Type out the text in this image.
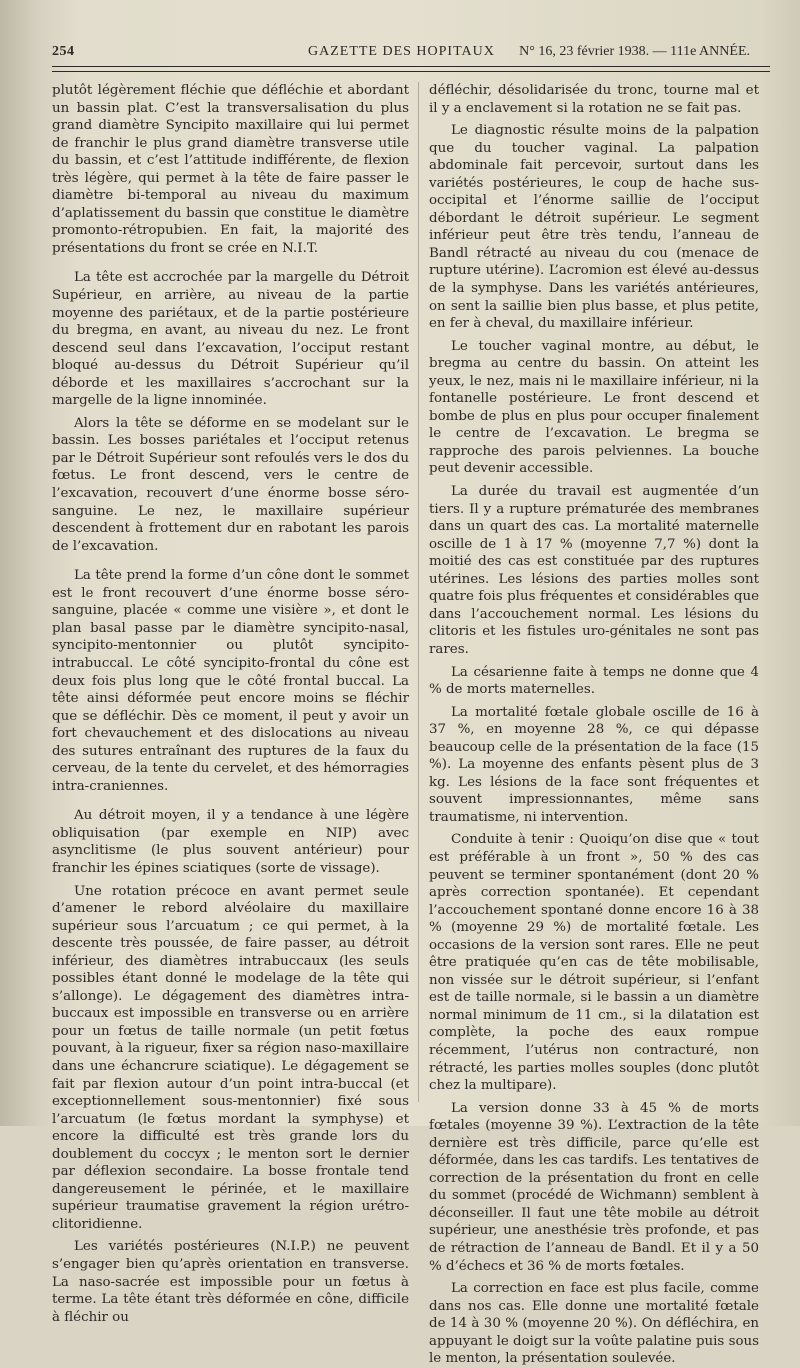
254	GAZETTE DES HOPITAUX N° 16, 23 février 1938. — 111e ANNÉE.

plutôt légèrement fléchie que défléchie et abordant un bassin plat. C’est la transversalisation du plus grand diamètre Syncipito maxillaire qui lui permet de franchir le plus grand diamètre transverse utile du bassin, et c’est l’attitude indifférente, de flexion très légère, qui permet à la tête de faire passer le diamètre bi-temporal au niveau du maximum d’aplatissement du bassin que constitue le diamètre promonto-rétropubien. En fait, la majorité des présentations du front se crée en N.I.T.

La tête est accrochée par la margelle du Détroit Supérieur, en arrière, au niveau de la partie moyenne des pariétaux, et de la partie postérieure du bregma, en avant, au niveau du nez. Le front descend seul dans l’excavation, l’occiput restant bloqué au-dessus du Détroit Supérieur qu’il déborde et les maxillaires s’accrochant sur la margelle de la ligne innominée.

Alors la tête se déforme en se modelant sur le bassin. Les bosses pariétales et l’occiput retenus par le Détroit Supérieur sont refoulés vers le dos du fœtus. Le front descend, vers le centre de l’excavation, recouvert d’une énorme bosse séro-sanguine. Le nez, le maxillaire supérieur descendent à frottement dur en rabotant les parois de l’excavation.

La tête prend la forme d’un cône dont le sommet est le front recouvert d’une énorme bosse séro-sanguine, placée « comme une visière », et dont le plan basal passe par le diamètre syncipito-nasal, syncipito-mentonnier ou plutôt syncipito-intrabuccal. Le côté syncipito-frontal du cône est deux fois plus long que le côté frontal buccal. La tête ainsi déformée peut encore moins se fléchir que se défléchir. Dès ce moment, il peut y avoir un fort chevauchement et des dislocations au niveau des sutures entraînant des ruptures de la faux du cerveau, de la tente du cervelet, et des hémorragies intra-craniennes.

Au détroit moyen, il y a tendance à une légère obliquisation (par exemple en NIP) avec asynclitisme (le plus souvent antérieur) pour franchir les épines sciatiques (sorte de vissage).

Une rotation précoce en avant permet seule d’amener le rebord alvéolaire du maxillaire supérieur sous l’arcuatum ; ce qui permet, à la descente très poussée, de faire passer, au détroit inférieur, des diamètres intrabuccaux (les seuls possibles étant donné le modelage de la tête qui s’allonge). Le dégagement des diamètres intra-buccaux est impossible en transverse ou en arrière pour un fœtus de taille normale (un petit fœtus pouvant, à la rigueur, fixer sa région naso-maxillaire dans une échancrure sciatique). Le dégagement se fait par flexion autour d’un point intra-buccal (et exceptionnellement sous-mentonnier) fixé sous l’arcuatum (le fœtus mordant la symphyse) et encore la difficulté est très grande lors du doublement du coccyx ; le menton sort le dernier par déflexion secondaire. La bosse frontale tend dangereusement le périnée, et le maxillaire supérieur traumatise gravement la région urétro-clitoridienne.

Les variétés postérieures (N.I.P.) ne peuvent s’engager bien qu’après orientation en transverse. La naso-sacrée est impossible pour un fœtus à terme. La tête étant très déformée en cône, difficile à fléchir ou

défléchir, désolidarisée du tronc, tourne mal et il y a enclavement si la rotation ne se fait pas.

Le diagnostic résulte moins de la palpation que du toucher vaginal. La palpation abdominale fait percevoir, surtout dans les variétés postérieures, le coup de hache sus-occipital et l’énorme saillie de l’occiput débordant le détroit supérieur. Le segment inférieur peut être très tendu, l’anneau de Bandl rétracté au niveau du cou (menace de rupture utérine). L’acromion est élevé au-dessus de la symphyse. Dans les variétés antérieures, on sent la saillie bien plus basse, et plus petite, en fer à cheval, du maxillaire inférieur.

Le toucher vaginal montre, au début, le bregma au centre du bassin. On atteint les yeux, le nez, mais ni le maxillaire inférieur, ni la fontanelle postérieure. Le front descend et bombe de plus en plus pour occuper finalement le centre de l’excavation. Le bregma se rapproche des parois pelviennes. La bouche peut devenir accessible.

La durée du travail est augmentée d’un tiers. Il y a rupture prématurée des membranes dans un quart des cas. La mortalité maternelle oscille de 1 à 17 % (moyenne 7,7 %) dont la moitié des cas est constituée par des ruptures utérines. Les lésions des parties molles sont quatre fois plus fréquentes et considérables que dans l’accouchement normal. Les lésions du clitoris et les fistules uro-génitales ne sont pas rares.

La césarienne faite à temps ne donne que 4 % de morts maternelles.

La mortalité fœtale globale oscille de 16 à 37 %, en moyenne 28 %, ce qui dépasse beaucoup celle de la présentation de la face (15 %). La moyenne des enfants pèsent plus de 3 kg. Les lésions de la face sont fréquentes et souvent impressionnantes, même sans traumatisme, ni intervention.

Conduite à tenir : Quoiqu’on dise que « tout est préférable à un front », 50 % des cas peuvent se terminer spontanément (dont 20 % après correction spontanée). Et cependant l’accouchement spontané donne encore 16 à 38 % (moyenne 29 %) de mortalité fœtale. Les occasions de la version sont rares. Elle ne peut être pratiquée qu’en cas de tête mobilisable, non vissée sur le détroit supérieur, si l’enfant est de taille normale, si le bassin a un diamètre normal minimum de 11 cm., si la dilatation est complète, la poche des eaux rompue récemment, l’utérus non contracturé, non rétracté, les parties molles souples (donc plutôt chez la multipare).

La version donne 33 à 45 % de morts fœtales (moyenne 39 %). L’extraction de la tête dernière est très difficile, parce qu’elle est déformée, dans les cas tardifs. Les tentatives de correction de la présentation du front en celle du sommet (procédé de Wichmann) semblent à déconseiller. Il faut une tête mobile au détroit supérieur, une anesthésie très profonde, et pas de rétraction de l’anneau de Bandl. Et il y a 50 % d’échecs et 36 % de morts fœtales.

La correction en face est plus facile, comme dans nos cas. Elle donne une mortalité fœtale de 14 à 30 % (moyenne 20 %). On défléchira, en appuyant le doigt sur la voûte palatine puis sous le menton, la présentation soulevée.
